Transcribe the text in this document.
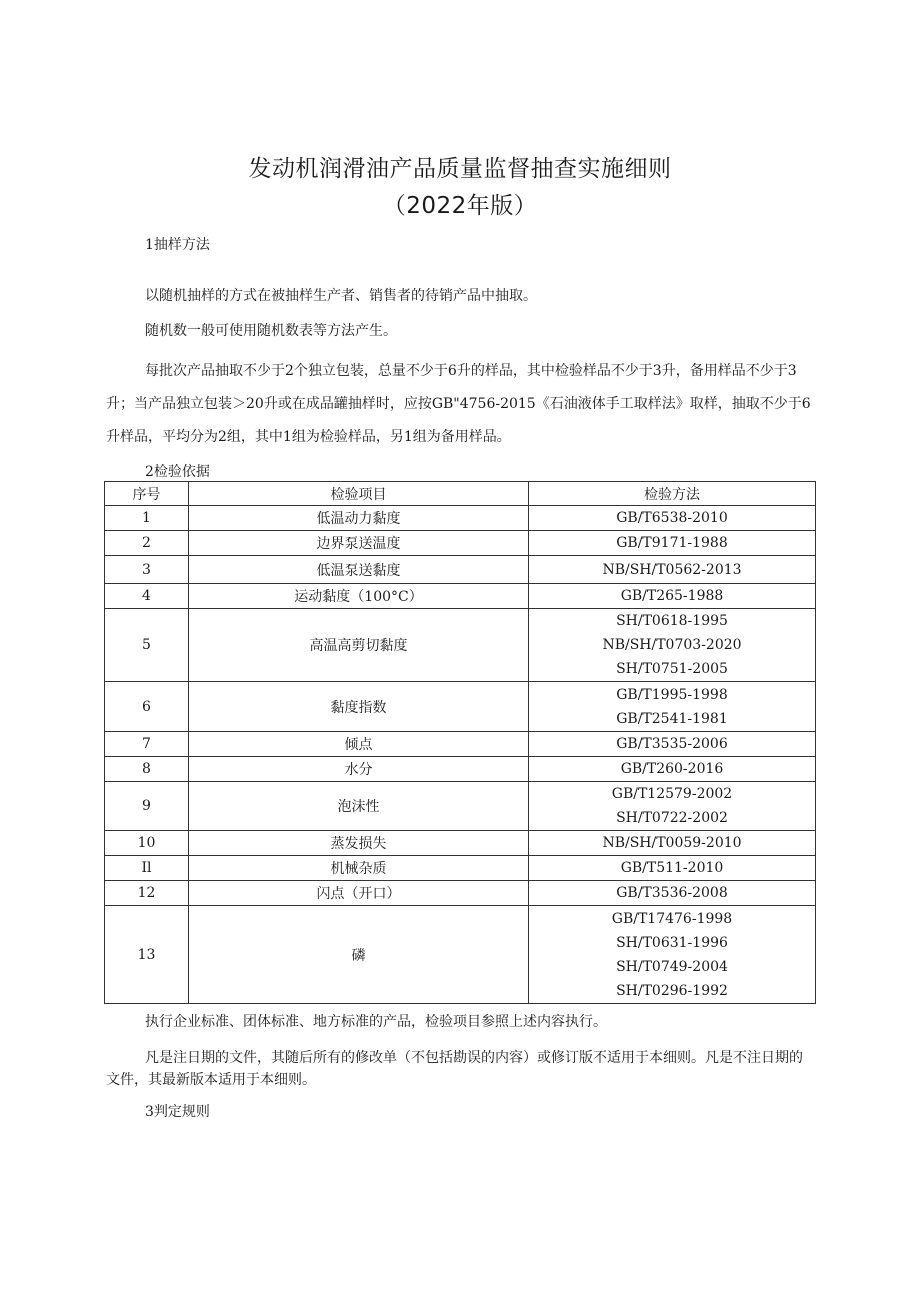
发动机润滑油产品质量监督抽查实施细则
（2022年版）
1抽样方法
以随机抽样的方式在被抽样生产者、销售者的待销产品中抽取。
随机数一般可使用随机数表等方法产生。
每批次产品抽取不少于2个独立包装，总量不少于6升的样品，其中检验样品不少于3升，备用样品不少于3升；当产品独立包装＞20升或在成品罐抽样时，应按GB"4756-2015《石油液体手工取样法》取样，抽取不少于6升样品，平均分为2组，其中1组为检验样品，另1组为备用样品。
2检验依据
序号	检验项目	检验方法
1	低温动力黏度	GB/T6538-2010

2	边界泵送温度	GB/T9171-1988

3	低温泵送黏度	NB/SH/T0562-2013

4	运动黏度（100°C）	GB/T265-1988

5	高温高剪切黏度	SH/T0618-1995
NB/SH/T0703-2020
SH/T0751-2005

6	黏度指数	GB/T1995-1998
GB/T2541-1981

7	倾点	GB/T3535-2006

8	水分	GB/T260-2016

9	泡沫性	GB/T12579-2002
SH/T0722-2002

10	蒸发损失	NB/SH/T0059-2010

Il	机械杂质	GB/T511-2010

12	闪点（开口）	GB/T3536-2008

13	磷	GB/T17476-1998
SH/T0631-1996
SH/T0749-2004
SH/T0296-1992
执行企业标准、团体标准、地方标准的产品，检验项目参照上述内容执行。
凡是注日期的文件，其随后所有的修改单（不包括勘误的内容）或修订版不适用于本细则。凡是不注日期的文件，其最新版本适用于本细则。
3判定规则
